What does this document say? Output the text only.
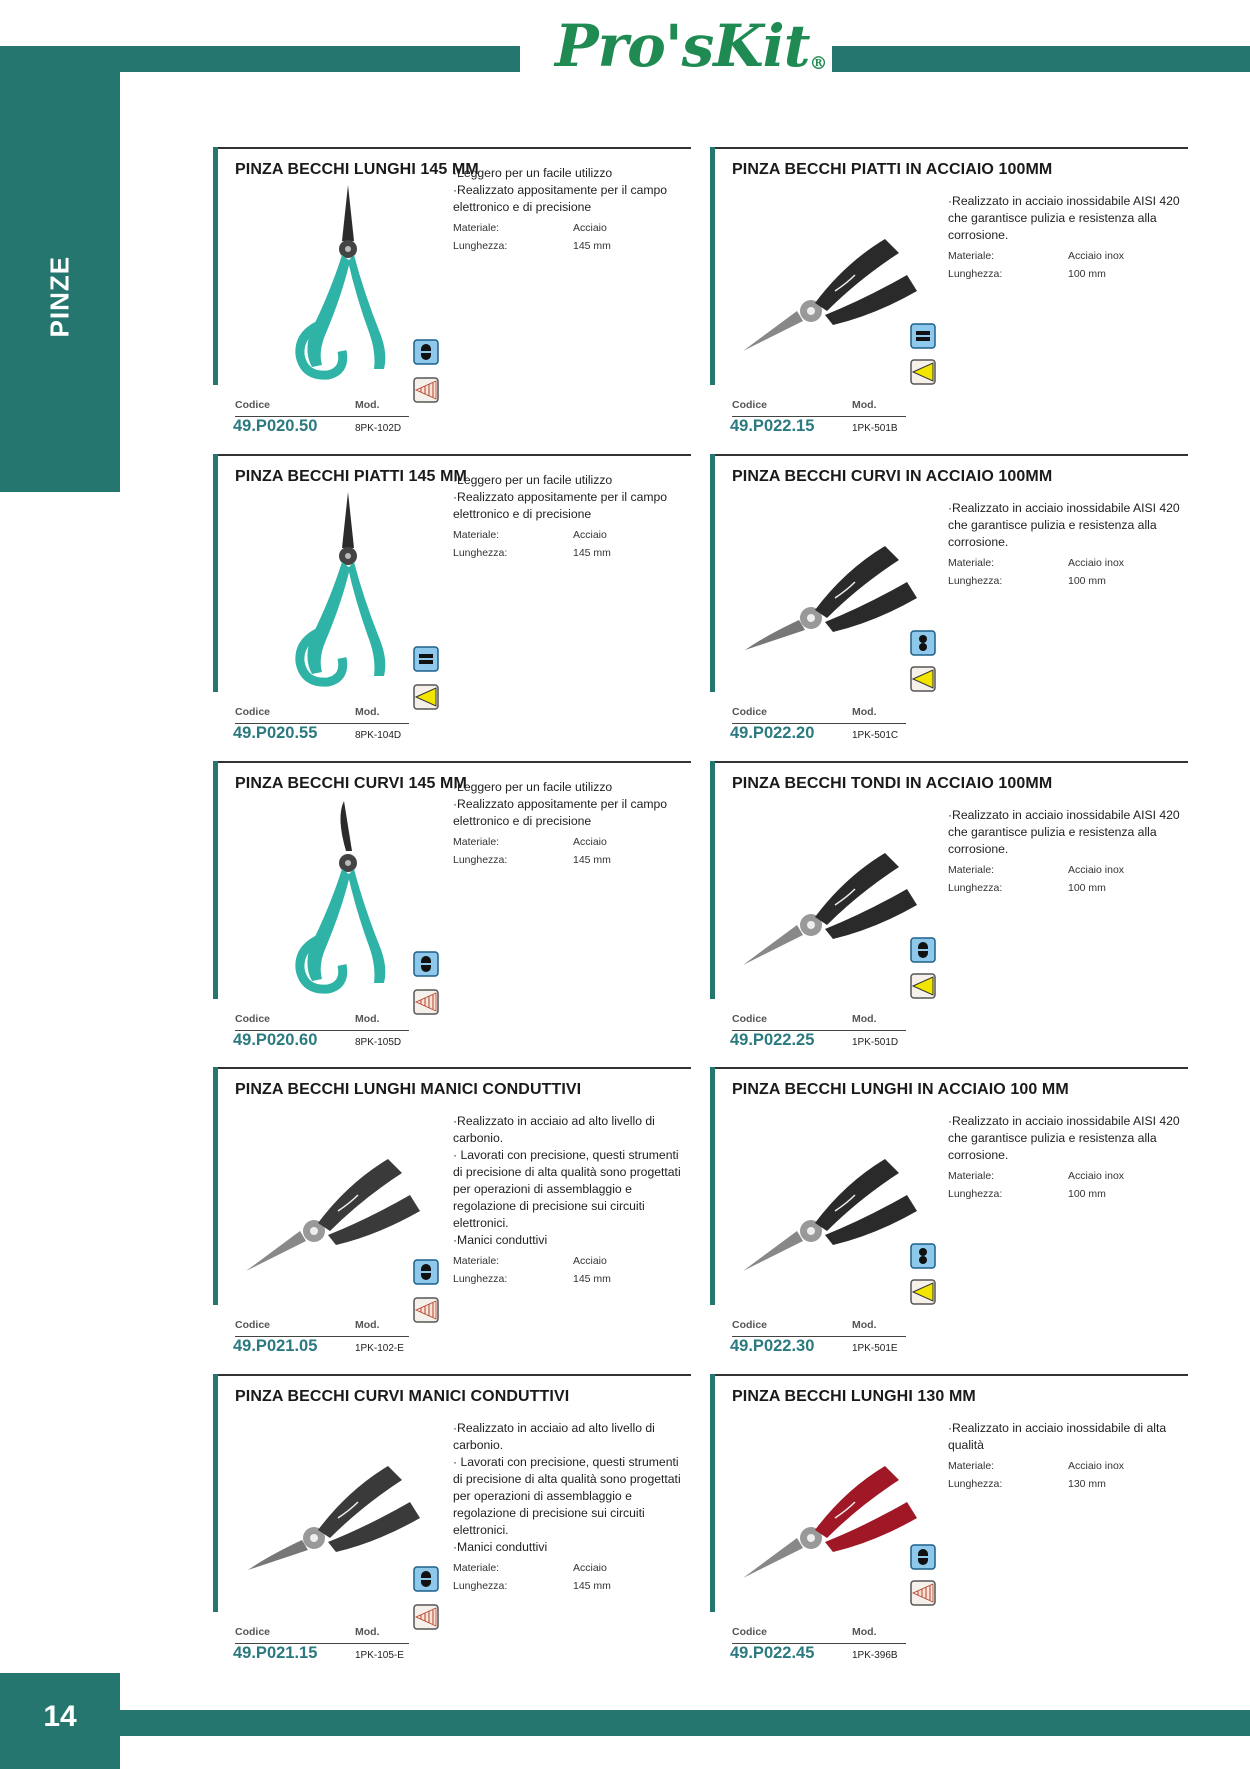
Pro'sKit®
PINZE
14
PINZA BECCHI LUNGHI 145 MM
·Leggero per un facile utilizzo
·Realizzato appositamente per il campo elettronico e di precisione
Materiale:	Acciaio
Lunghezza:	145 mm
Codice	Mod.
49.P020.50	8PK-102D
PINZA BECCHI PIATTI IN ACCIAIO 100MM
·Realizzato in acciaio inossidabile AISI 420 che garantisce pulizia e resistenza alla corrosione.
Materiale:	Acciaio inox
Lunghezza:	100 mm
Codice	Mod.
49.P022.15	1PK-501B
PINZA BECCHI PIATTI 145 MM
·Leggero per un facile utilizzo
·Realizzato appositamente per il campo elettronico e di precisione
Materiale:	Acciaio
Lunghezza:	145 mm
Codice	Mod.
49.P020.55	8PK-104D
PINZA BECCHI CURVI IN ACCIAIO 100MM
·Realizzato in acciaio inossidabile AISI 420 che garantisce pulizia e resistenza alla corrosione.
Materiale:	Acciaio inox
Lunghezza:	100 mm
Codice	Mod.
49.P022.20	1PK-501C
PINZA BECCHI CURVI 145 MM
·Leggero per un facile utilizzo
·Realizzato appositamente per il campo elettronico e di precisione
Materiale:	Acciaio
Lunghezza:	145 mm
Codice	Mod.
49.P020.60	8PK-105D
PINZA BECCHI TONDI IN ACCIAIO 100MM
·Realizzato in acciaio inossidabile AISI 420 che garantisce pulizia e resistenza alla corrosione.
Materiale:	Acciaio inox
Lunghezza:	100 mm
Codice	Mod.
49.P022.25	1PK-501D
PINZA BECCHI LUNGHI MANICI CONDUTTIVI
·Realizzato in acciaio ad alto livello di carbonio.
· Lavorati con precisione, questi strumenti di precisione di alta qualità sono progettati per operazioni di assemblaggio e regolazione di precisione sui circuiti elettronici.
·Manici conduttivi
Materiale:	Acciaio
Lunghezza:	145 mm
Codice	Mod.
49.P021.05	1PK-102-E
PINZA BECCHI LUNGHI IN ACCIAIO 100 MM
·Realizzato in acciaio inossidabile AISI 420 che garantisce pulizia e resistenza alla corrosione.
Materiale:	Acciaio inox
Lunghezza:	100 mm
Codice	Mod.
49.P022.30	1PK-501E
PINZA BECCHI CURVI MANICI CONDUTTIVI
·Realizzato in acciaio ad alto livello di carbonio.
· Lavorati con precisione, questi strumenti di precisione di alta qualità sono progettati per operazioni di assemblaggio e regolazione di precisione sui circuiti elettronici.
·Manici conduttivi
Materiale:	Acciaio
Lunghezza:	145 mm
Codice	Mod.
49.P021.15	1PK-105-E
PINZA BECCHI LUNGHI 130 MM
·Realizzato in acciaio inossidabile di alta qualità
Materiale:	Acciaio inox
Lunghezza:	130 mm
Codice	Mod.
49.P022.45	1PK-396B
